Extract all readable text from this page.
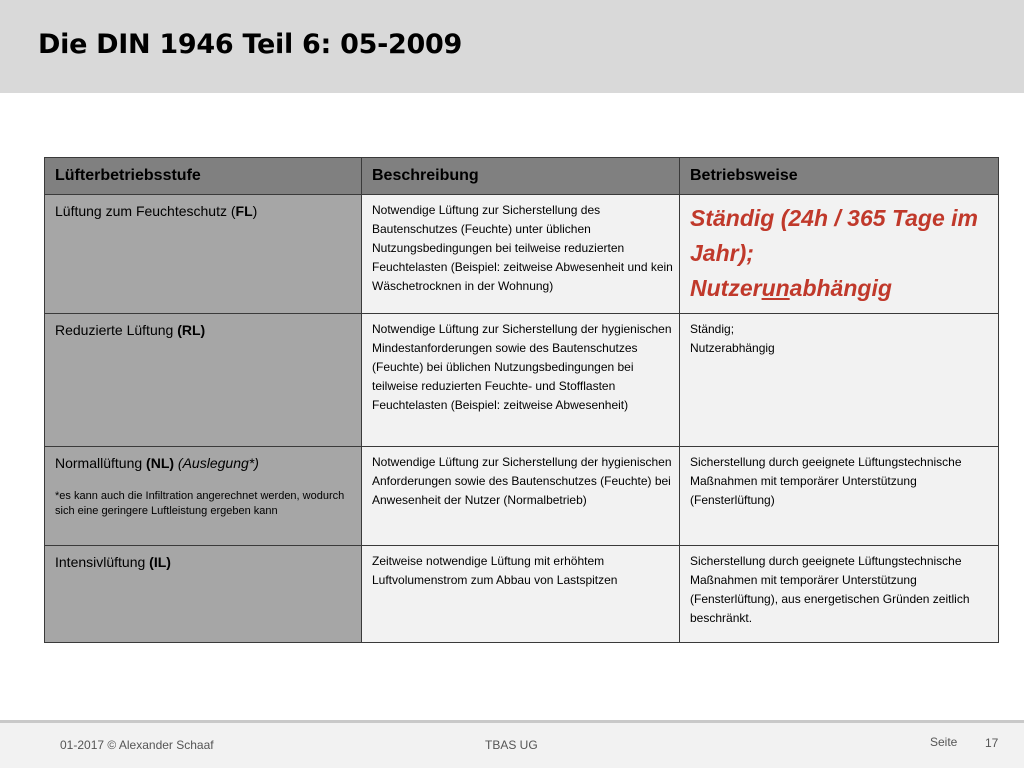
Die DIN 1946 Teil 6: 05-2009
Lüfterbetriebsstufe	Beschreibung	Betriebsweise
Lüftung zum Feuchteschutz (FL)	Notwendige Lüftung zur Sicherstellung des Bautenschutzes (Feuchte) unter üblichen Nutzungsbedingungen bei teilweise reduzierten Feuchtelasten (Beispiel: zeitweise Abwesenheit und kein Wäschetrocknen in der Wohnung)	Ständig (24h / 365 Tage im Jahr);
Nutzerunabhängig
Reduzierte Lüftung (RL)	Notwendige Lüftung zur Sicherstellung der hygienischen Mindestanforderungen sowie des Bautenschutzes (Feuchte) bei üblichen Nutzungsbedingungen bei teilweise reduzierten Feuchte- und Stofflasten Feuchtelasten (Beispiel: zeitweise Abwesenheit)	Ständig;
Nutzerabhängig
Normallüftung (NL) (Auslegung*)
*es kann auch die Infiltration angerechnet werden, wodurch sich eine geringere Luftleistung ergeben kann	Notwendige Lüftung zur Sicherstellung der hygienischen Anforderungen sowie des Bautenschutzes (Feuchte) bei Anwesenheit der Nutzer (Normalbetrieb)	Sicherstellung durch geeignete Lüftungstechnische Maßnahmen mit temporärer Unterstützung (Fensterlüftung)
Intensivlüftung (IL)	Zeitweise notwendige Lüftung mit erhöhtem Luftvolumenstrom zum Abbau von Lastspitzen	Sicherstellung durch geeignete Lüftungstechnische Maßnahmen mit temporärer Unterstützung (Fensterlüftung), aus energetischen Gründen zeitlich beschränkt.
01-2017 © Alexander Schaaf	TBAS UG	Seite 17
